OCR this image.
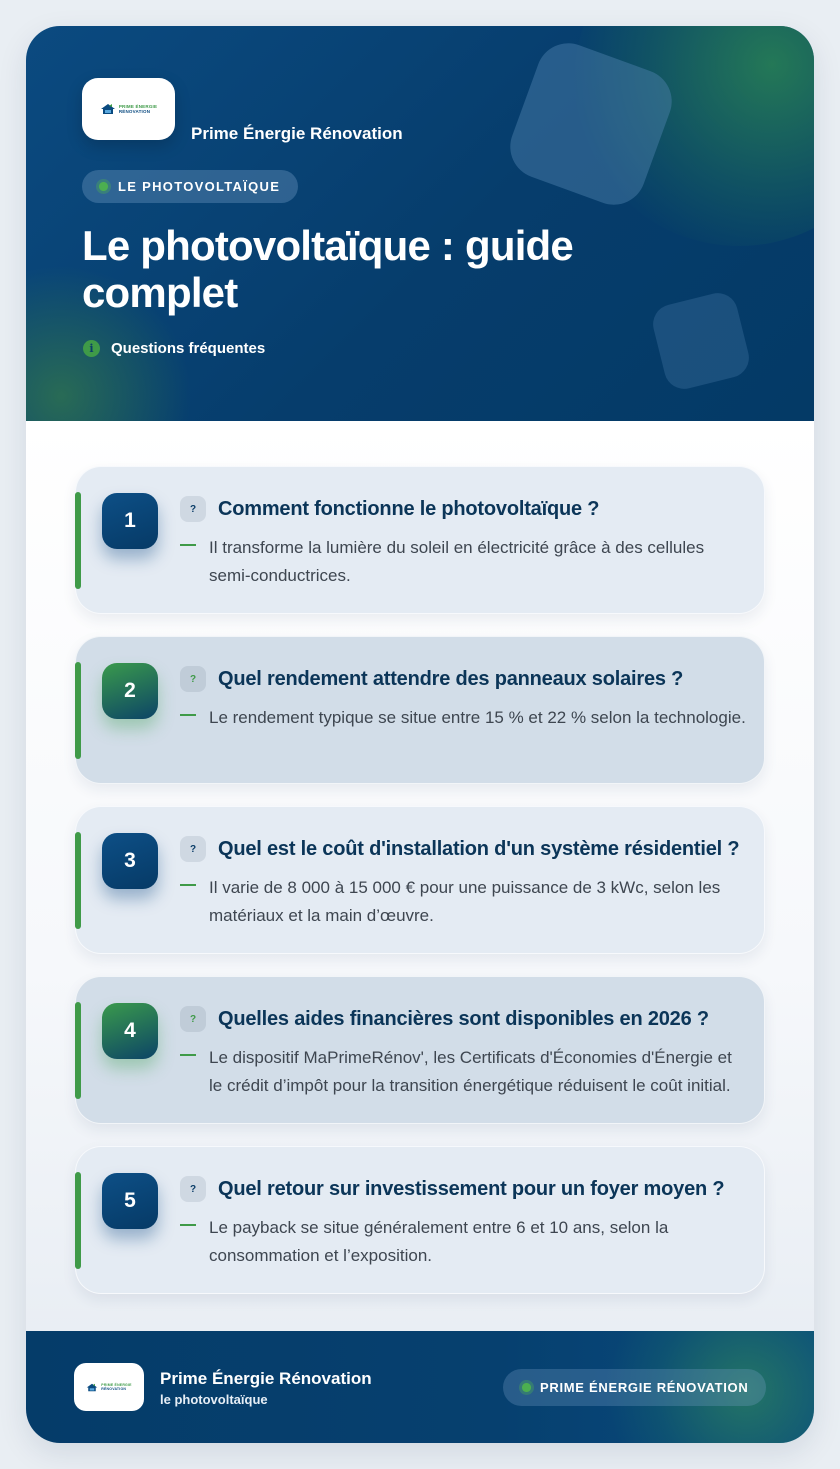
PRIME ÉNERGIE
RÉNOVATION
Prime Énergie Rénovation
LE PHOTOVOLTAÏQUE
Le photovoltaïque : guide complet
i	Questions fréquentes
1	?	Comment fonctionne le photovoltaïque ?
Il transforme la lumière du soleil en électricité grâce à des cellules semi-conductrices.
2	?	Quel rendement attendre des panneaux solaires ?
Le rendement typique se situe entre 15 % et 22 % selon la technologie.
3	?	Quel est le coût d'installation d'un système résidentiel ?
Il varie de 8 000 à 15 000 € pour une puissance de 3 kWc, selon les matériaux et la main d’œuvre.
4	?	Quelles aides financières sont disponibles en 2026 ?
Le dispositif MaPrimeRénov', les Certificats d'Économies d'Énergie et le crédit d’impôt pour la transition énergétique réduisent le coût initial.
5	?	Quel retour sur investissement pour un foyer moyen ?
Le payback se situe généralement entre 6 et 10 ans, selon la consommation et l’exposition.
PRIME ÉNERGIE
RÉNOVATION
Prime Énergie Rénovation
le photovoltaïque
PRIME ÉNERGIE RÉNOVATION
